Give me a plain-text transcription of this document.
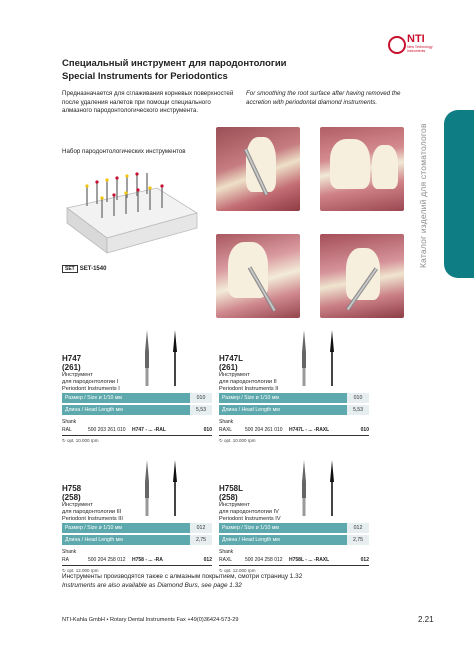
NTI
New Technology Instruments
Специальный инструмент для пародонтологии
Special Instruments for Periodontics
Предназначается для сглаживания корневых поверхностей после удаления налетов при помощи специального алмазного пародонтологического инструмента.
For smoothing the root surface after having removed the accretion with periodontal diamond instruments.
Каталог изделий для стоматологов
Набор пародонтологических инструментов
SET SET-1540
H747
(261)
Инструмент
для пародонтологии I
Periodont Instruments I
Размер / Size ø 1/10 мм	010
Длина / Head Length мм	5,53
Shank
RAL	500 203 261 010 H747 - ... -RAL	010
↻ opt. 10.000 rpm
H747L
(261)
Инструмент
для пародонтологии II
Periodont Instruments II
Размер / Size ø 1/10 мм	010
Длина / Head Length мм	5,53
Shank
RAXL	500 204 261 010 H747L - ... -RAXL	010
↻ opt. 10.000 rpm
H758
(258)
Инструмент
для пародонтологии III
Periodont Instruments III
Размер / Size ø 1/10 мм	012
Длина / Head Length мм	2,75
Shank
RA	500 204 258 012 H758 - ... -RA	012
↻ opt. 12.000 rpm
H758L
(258)
Инструмент
для пародонтологии IV
Periodont Instruments IV
Размер / Size ø 1/10 мм	012
Длина / Head Length мм	2,75
Shank
RAXL	500 204 258 012 H758L - ... -RAXL	012
↻ opt. 12.000 rpm
Инструменты производятся также с алмазным покрытием, смотри страницу 1.32
Instruments are also available as Diamond Burs, see page 1.32
NTI-Kahla GmbH • Rotary Dental Instruments Fax +49(0)36424-573-29	2.21
